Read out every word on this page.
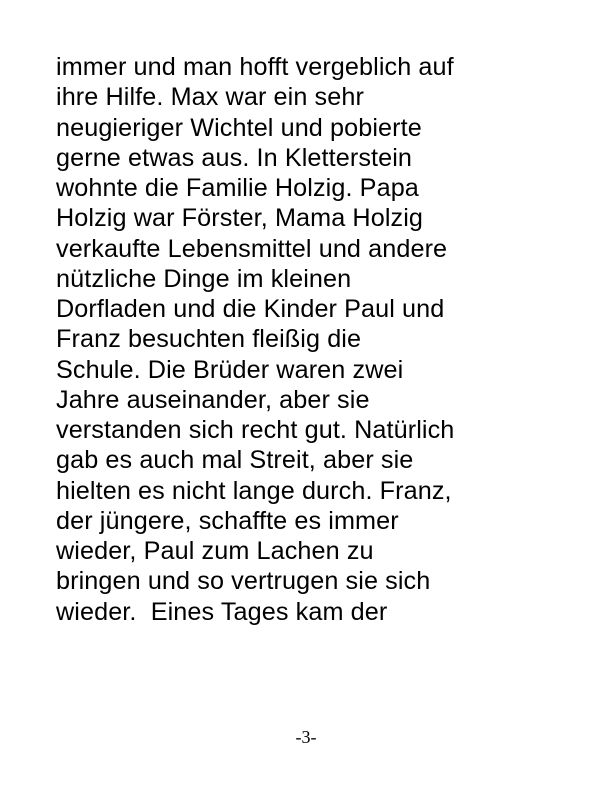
immer und man hofft vergeblich auf
ihre Hilfe. Max war ein sehr
neugieriger Wichtel und pobierte
gerne etwas aus. In Kletterstein
wohnte die Familie Holzig. Papa
Holzig war Förster, Mama Holzig
verkaufte Lebensmittel und andere
nützliche Dinge im kleinen
Dorfladen und die Kinder Paul und
Franz besuchten fleißig die
Schule. Die Brüder waren zwei
Jahre auseinander, aber sie
verstanden sich recht gut. Natürlich
gab es auch mal Streit, aber sie
hielten es nicht lange durch. Franz,
der jüngere, schaffte es immer
wieder, Paul zum Lachen zu
bringen und so vertrugen sie sich
wieder.  Eines Tages kam der
-3-
